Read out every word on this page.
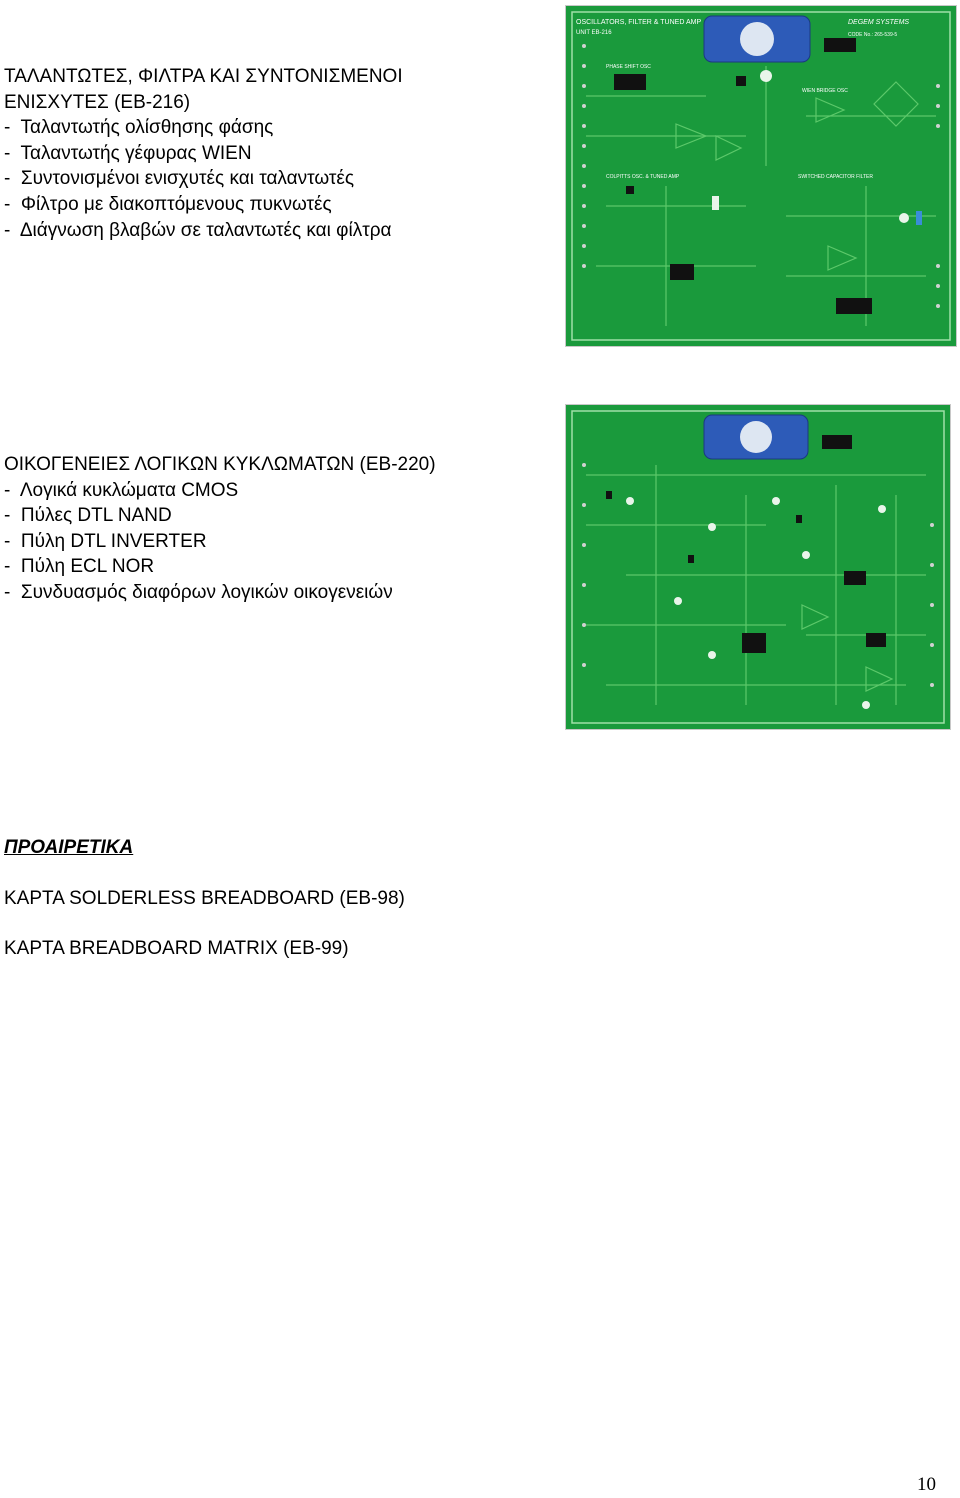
ΤΑΛΑΝΤΩΤΕΣ, ΦΙΛΤΡΑ ΚΑΙ ΣΥΝΤΟΝΙΣΜΕΝΟΙ
ΕΝΙΣΧΥΤΕΣ (ΕΒ-216)
-  Ταλαντωτής ολίσθησης φάσης
-  Ταλαντωτής γέφυρας WIEN
-  Συντονισμένοι ενισχυτές και ταλαντωτές
-  Φίλτρο με διακοπτόμενους πυκνωτές
-  Διάγνωση βλαβών σε ταλαντωτές και φίλτρα
OSCILLATORS, FILTER & TUNED AMP
UNIT EB-216
DEGEM SYSTEMS
CODE No.: 265-539-5
PHASE SHIFT OSC
WIEN BRIDGE OSC
COLPITTS OSC. & TUNED AMP	SWITCHED CAPACITOR FILTER
ΟΙΚΟΓΕΝΕΙΕΣ ΛΟΓΙΚΩΝ ΚΥΚΛΩΜΑΤΩΝ (ΕΒ-220)
-  Λογικά κυκλώματα CMOS
-  Πύλες DTL NAND
-  Πύλη DTL INVERTER
-  Πύλη ECL NOR
-  Συνδυασμός διαφόρων λογικών οικογενειών
ΠΡΟΑΙΡΕΤΙΚΑ
ΚΑΡΤΑ SOLDERLESS BREADBOARD (EB-98)
ΚΑΡΤΑ BREADBOARD MATRIX (EB-99)
10
